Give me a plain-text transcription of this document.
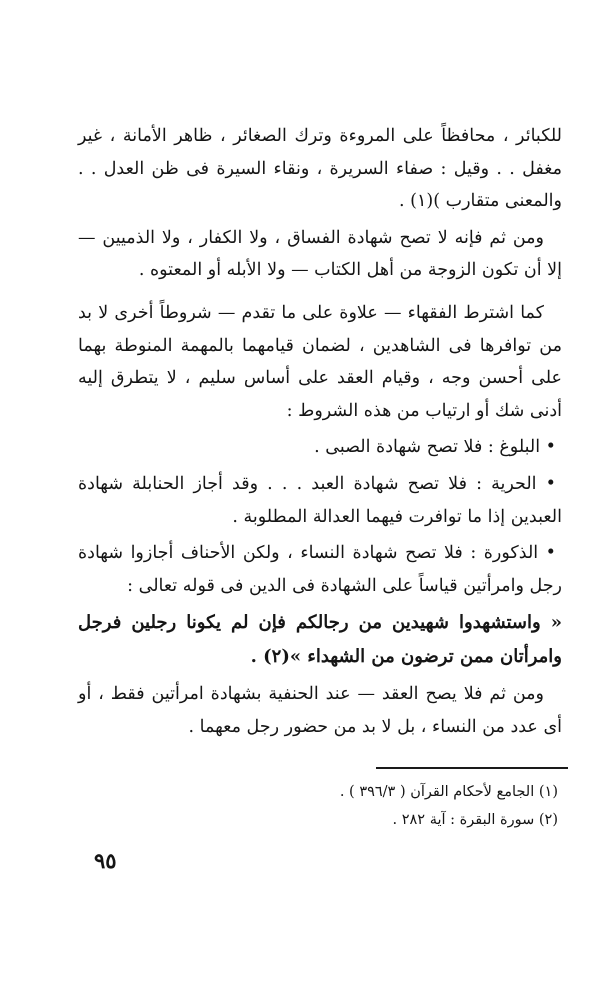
للكبائر ، محافظاً على المروءة وترك الصغائر ، ظاهر الأمانة ، غير مغفل . . وقيل : صفاء السريرة ، ونقاء السيرة فى ظن العدل . . والمعنى متقارب )(١) .

ومن ثم فإنه لا تصح شهادة الفساق ، ولا الكفار ، ولا الذميين — إلا أن تكون الزوجة من أهل الكتاب — ولا الأبله أو المعتوه .

كما اشترط الفقهاء — علاوة على ما تقدم — شروطاً أخرى لا بد من توافرها فى الشاهدين ، لضمان قيامهما بالمهمة المنوطة بهما على أحسن وجه ، وقيام العقد على أساس سليم ، لا يتطرق إليه أدنى شك أو ارتياب من هذه الشروط :

• البلوغ : فلا تصح شهادة الصبى .

• الحرية : فلا تصح شهادة العبد . . . وقد أجاز الحنابلة شهادة العبدين إذا ما توافرت فيهما العدالة المطلوبة .

• الذكورة : فلا تصح شهادة النساء ، ولكن الأحناف أجازوا شهادة رجل وامرأتين قياساً على الشهادة فى الدين فى قوله تعالى :

« واستشهدوا شهيدين من رجالكم فإن لم يكونا رجلين فرجل وامرأتان ممن ترضون من الشهداء »(٢) .

ومن ثم فلا يصح العقد — عند الحنفية بشهادة امرأتين فقط ، أو أى عدد من النساء ، بل لا بد من حضور رجل معهما .

(١) الجامع لأحكام القرآن ( ٣٩٦/٣ ) .
(٢) سورة البقرة : آية ٢٨٢ .
٩٥
